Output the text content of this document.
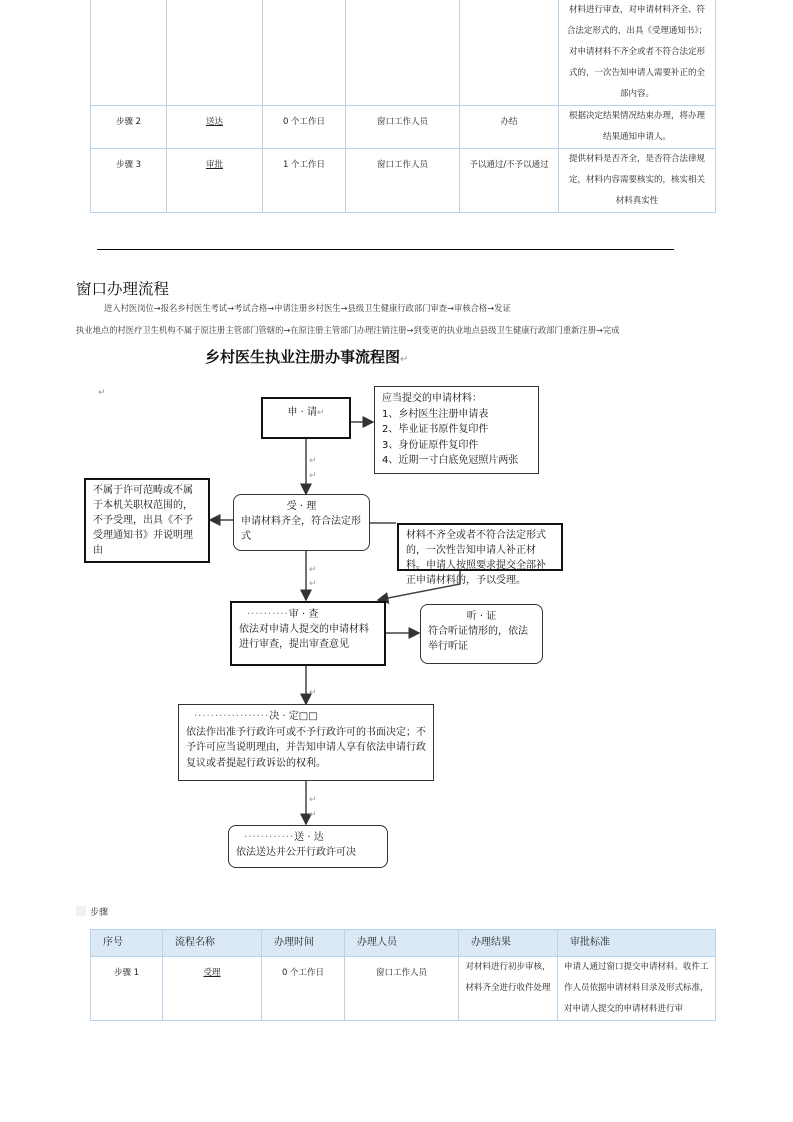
					材料进行审查，对申请材料齐全、符合法定形式的，出具《受理通知书》；对申请材料不齐全或者不符合法定形式的，一次告知申请人需要补正的全部内容。
步骤 2	送达	0 个工作日	窗口工作人员	办结	根据决定结果情况结束办理，将办理结果通知申请人。
步骤 3	审批	1 个工作日	窗口工作人员	予以通过/不予以通过	提供材料是否齐全，是否符合法律规定，材料内容需要核实的，核实相关材料真实性
窗口办理流程
进入村医岗位→报名乡村医生考试→考试合格→申请注册乡村医生→县级卫生健康行政部门审查→审核合格→发证
执业地点的村医疗卫生机构不属于原注册主管部门管辖的→在原注册主管部门办理注销注册→到变更的执业地点县级卫生健康行政部门重新注册→完成
乡村医生执业注册办事流程图↵
↵
↵
↵
↵
↵
↵
↵
↵
申 · 请↵
应当提交的申请材料：
1、乡村医生注册申请表
2、毕业证书原件复印件
3、身份证原件复印件
4、近期一寸白底免冠照片两张
不属于许可范畴或不属于本机关职权范围的，不予受理，出具《不予受理通知书》并说明理由
受 · 理
申请材料齐全，符合法定形式	材料不齐全或者不符合法定形式的，一次性告知申请人补正材料。申请人按照要求提交全部补正申请材料的，予以受理。
··········审 · 查
依法对申请人提交的申请材料进行审查，提出审查意见
听 · 证
符合听证情形的，依法举行听证
··················决 · 定□□
依法作出准予行政许可或不予行政许可的书面决定；不予许可应当说明理由，并告知申请人享有依法申请行政复议或者提起行政诉讼的权利。
············送 · 达
依法送达并公开行政许可决
步骤
序号	流程名称	办理时间	办理人员	办理结果	审批标准
步骤 1	受理	0 个工作日	窗口工作人员	对材料进行初步审核，材料齐全进行收件处理	申请人通过窗口提交申请材料。收件工作人员依据申请材料目录及形式标准，对申请人提交的申请材料进行审
